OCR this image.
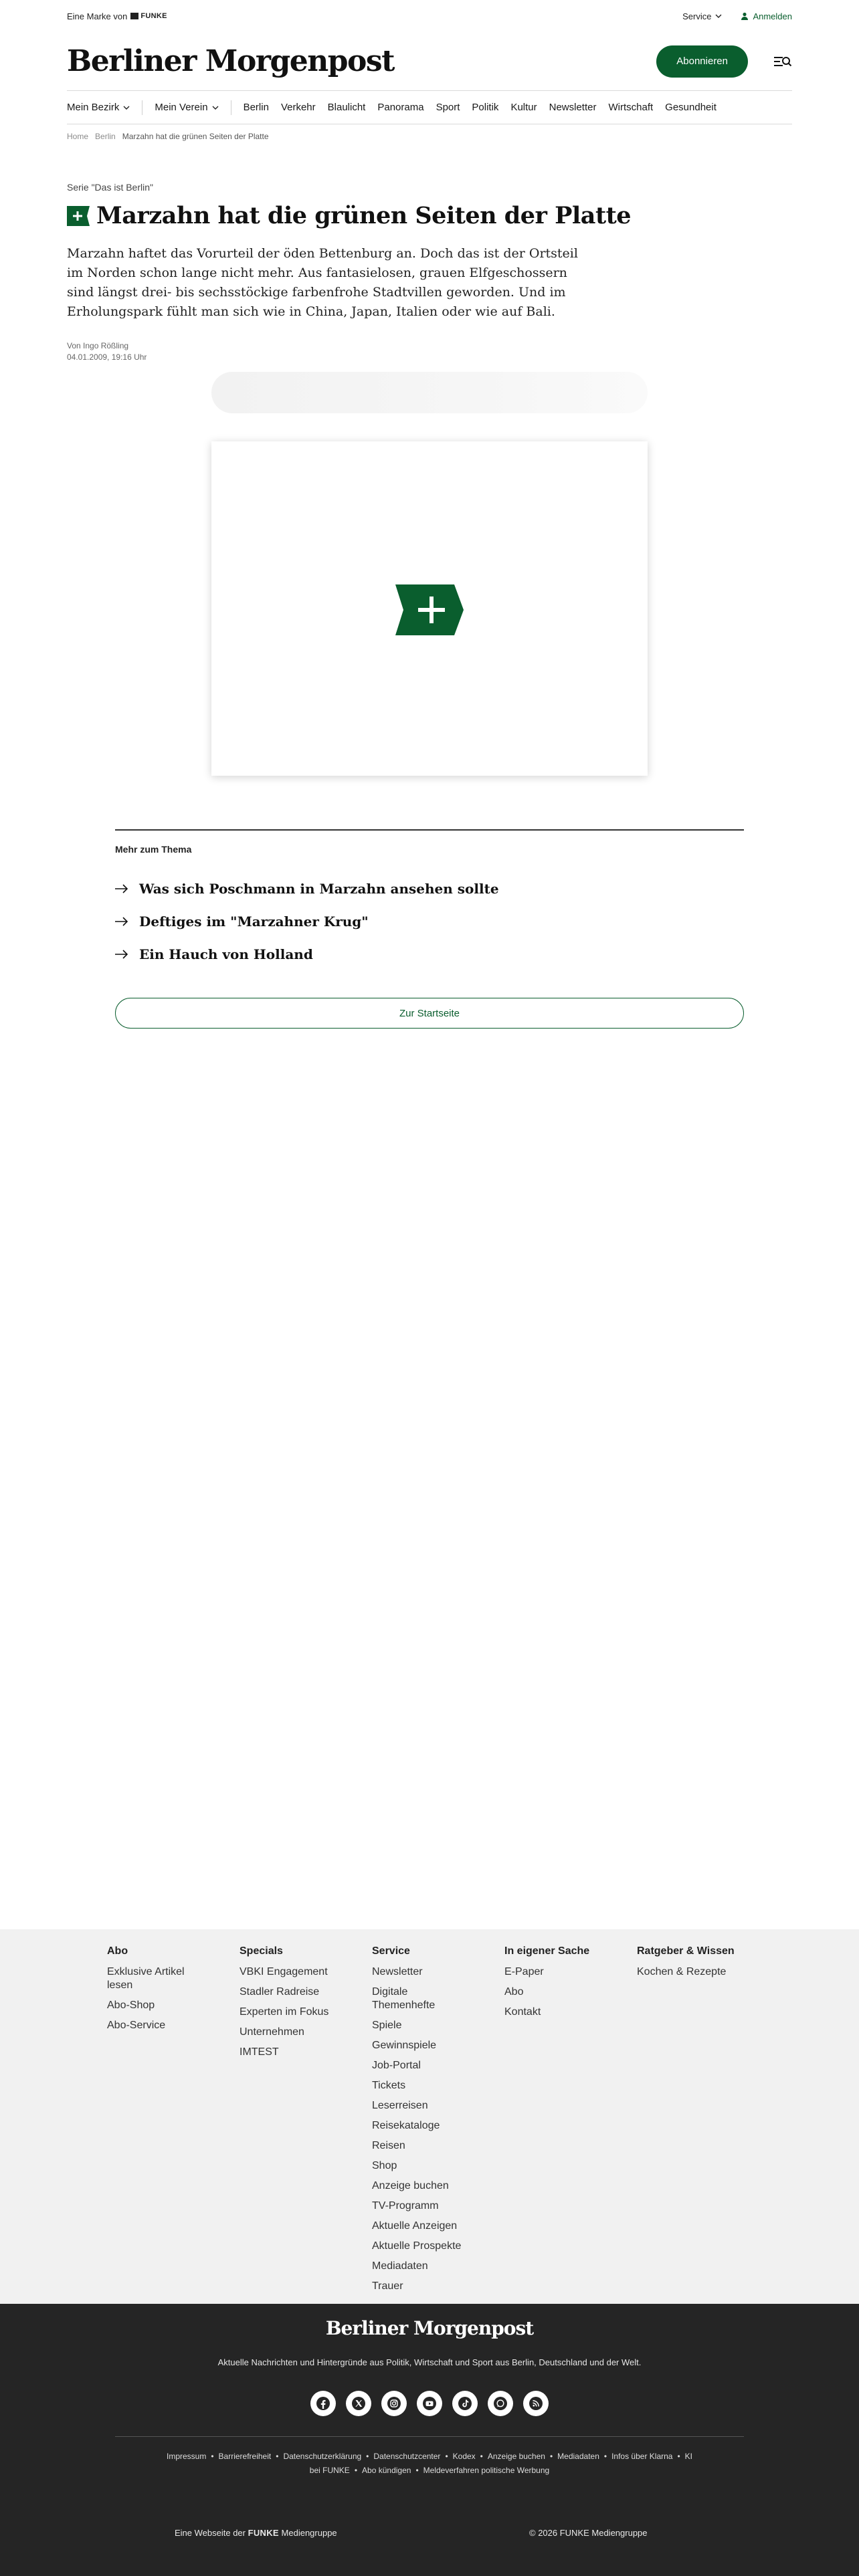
Eine Marke von FUNKE	Service	Anmelden
Berliner Morgenpost	Abonnieren
Mein Bezirk	Mein Verein	Berlin Verkehr Blaulicht Panorama Sport Politik Kultur Newsletter Wirtschaft Gesundheit
Home Berlin Marzahn hat die grünen Seiten der Platte
Serie "Das ist Berlin"
Marzahn hat die grünen Seiten der Platte

Marzahn haftet das Vorurteil der öden Bettenburg an. Doch das ist der Ortsteil im Norden schon lange nicht mehr. Aus fantasielosen, grauen Elfgeschossern sind längst drei- bis sechsstöckige farbenfrohe Stadtvillen geworden. Und im Erholungspark fühlt man sich wie in China, Japan, Italien oder wie auf Bali.

Von Ingo Rößling
04.01.2009, 19:16 Uhr
Mehr zum Thema
Was sich Poschmann in Marzahn ansehen sollte
Deftiges im "Marzahner Krug"
Ein Hauch von Holland
Zur Startseite
Abo
Exklusive Artikel lesen
Abo-Shop
Abo-Service
Specials
VBKI Engagement
Stadler Radreise
Experten im Fokus
Unternehmen
IMTEST
Service
Newsletter
Digitale Themenhefte
Spiele
Gewinnspiele
Job-Portal
Tickets
Leserreisen
Reisekataloge
Reisen
Shop
Anzeige buchen
TV-Programm
Aktuelle Anzeigen
Aktuelle Prospekte
Mediadaten
Trauer
In eigener Sache
E-Paper
Abo
Kontakt
Ratgeber & Wissen
Kochen & Rezepte
Berliner Morgenpost
Aktuelle Nachrichten und Hintergründe aus Politik, Wirtschaft und Sport aus Berlin, Deutschland und der Welt.
Impressum • Barrierefreiheit • Datenschutzerklärung • Datenschutzcenter • Kodex • Anzeige buchen • Mediadaten • Infos über Klarna • KI
bei FUNKE • Abo kündigen • Meldeverfahren politische Werbung
Eine Webseite der FUNKE Mediengruppe	© 2026 FUNKE Mediengruppe
